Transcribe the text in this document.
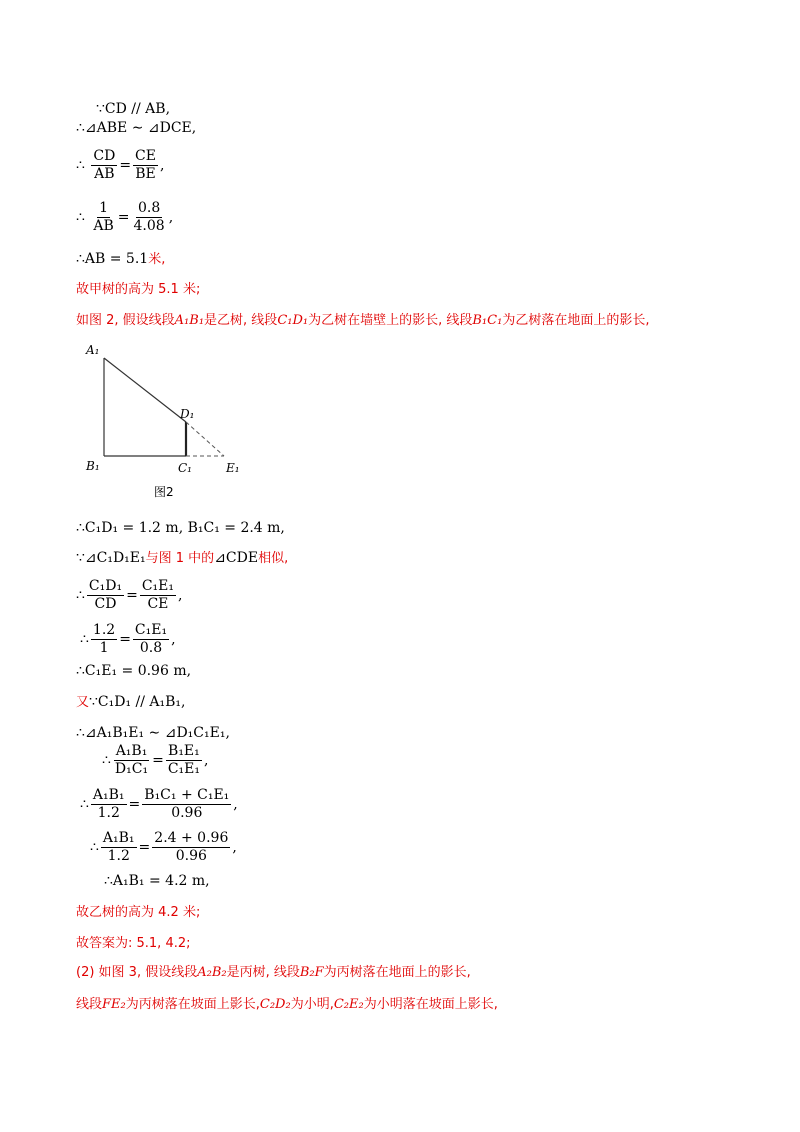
∵CD // AB,
∴⊿ABE ∼ ⊿DCE,
∴ $\frac{CD}{AB} = \frac{CE}{BE}$ ,
∴ $\frac{1}{AB} = \frac{0.8}{4.08}$ ,
∴AB = 5.1米,
故甲树的高为 5.1 米;
如图 2, 假设线段A₁B₁是乙树, 线段C₁D₁为乙树在墙壁上的影长, 线段B₁C₁为乙树落在地面上的影长,
A₁
B₁	C₁
D₁
E₁
图2
∴C₁D₁ = 1.2 m, B₁C₁ = 2.4 m,
∵⊿C₁D₁E₁与图 1 中的⊿CDE相似,
∴ $\frac{\text{C₁D₁}}{CD} = \frac{\text{C₁E₁}}{CE}$ ,
∴ $\frac{1.2}{1} = \frac{\text{C₁E₁}}{0.8}$ ,
∴C₁E₁ = 0.96 m,
又∵C₁D₁ // A₁B₁,
∴⊿A₁B₁E₁ ∼ ⊿D₁C₁E₁,
∴ $\frac{\text{A₁B₁}}{\text{D₁C₁}} = \frac{\text{B₁E₁}}{\text{C₁E₁}}$ ,
∴ $\frac{\text{A₁B₁}}{1.2} = \frac{\text{B₁C₁ + C₁E₁}}{0.96}$ ,
∴ $\frac{\text{A₁B₁}}{1.2} = \frac{2.4 + 0.96}{0.96}$ ,
∴A₁B₁ = 4.2 m,
故乙树的高为 4.2 米;
故答案为: 5.1, 4.2;
(2) 如图 3, 假设线段A₂B₂是丙树, 线段B₂F为丙树落在地面上的影长,
线段FE₂为丙树落在坡面上影长,C₂D₂为小明,C₂E₂为小明落在坡面上影长,
